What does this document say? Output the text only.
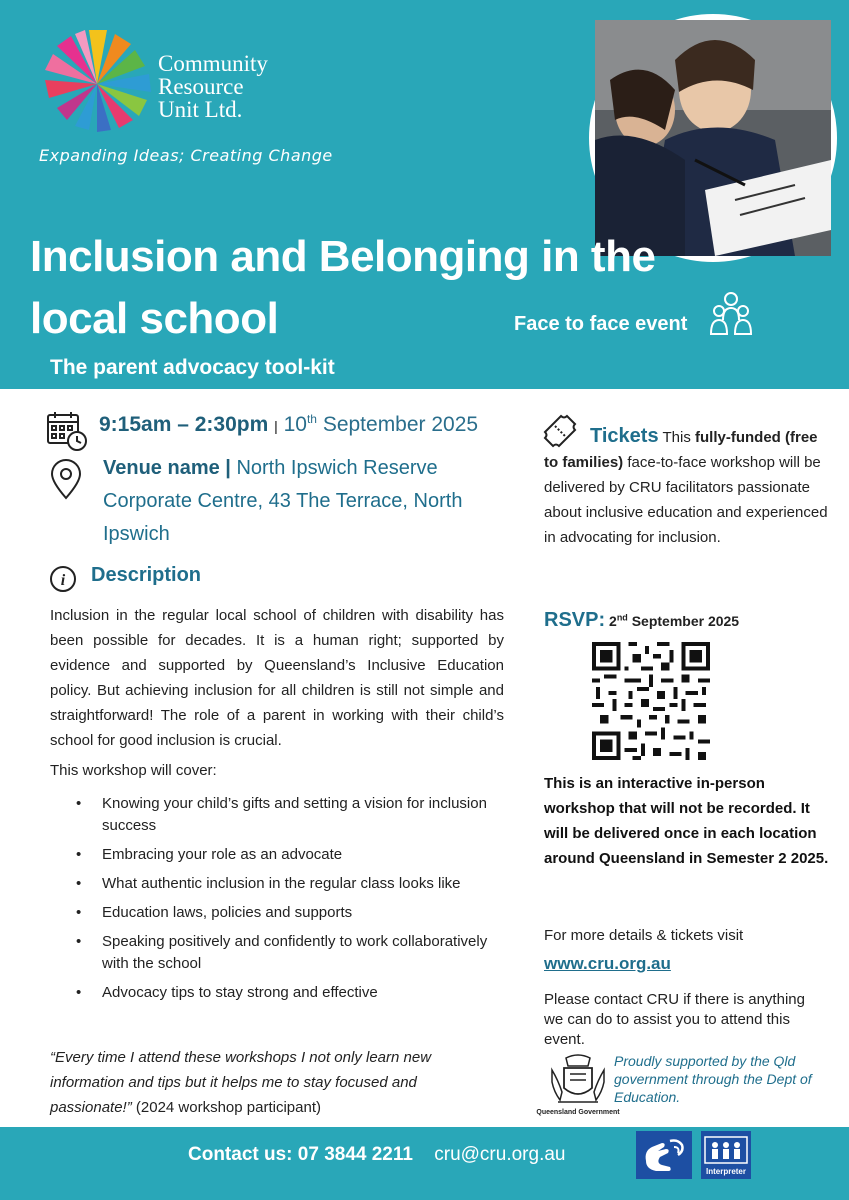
Community
Resource
Unit Ltd.
Expanding Ideas; Creating Change
Inclusion and Belonging in the local school
The parent advocacy tool-kit
Face to face event
9:15am – 2:30pm | 10th September 2025
Venue name | North Ipswich Reserve Corporate Centre, 43 The Terrace, North Ipswich
i Description
Inclusion in the regular local school of children with disability has been possible for decades. It is a human right; supported by evidence and supported by Queensland’s Inclusive Education policy. But achieving inclusion for all children is still not simple and straightforward! The role of a parent in working with their child’s school for good inclusion is crucial.
This workshop will cover:
• Knowing your child’s gifts and setting a vision for inclusion success
• Embracing your role as an advocate
• What authentic inclusion in the regular class looks like
• Education laws, policies and supports
• Speaking positively and confidently to work collaboratively with the school
• Advocacy tips to stay strong and effective
“Every time I attend these workshops I not only learn new information and tips but it helps me to stay focused and passionate!” (2024 workshop participant)
Tickets This fully-funded (free to families) face-to-face workshop will be delivered by CRU facilitators passionate about inclusive education and experienced in advocating for inclusion.
RSVP: 2nd September 2025
This is an interactive in-person workshop that will not be recorded. It will be delivered once in each location around Queensland in Semester 2 2025.
For more details & tickets visit
www.cru.org.au
Please contact CRU if there is anything we can do to assist you to attend this event.
Queensland Government
Proudly supported by the Qld government through the Dept of Education.
Contact us: 07 3844 2211 cru@cru.org.au
Interpreter
